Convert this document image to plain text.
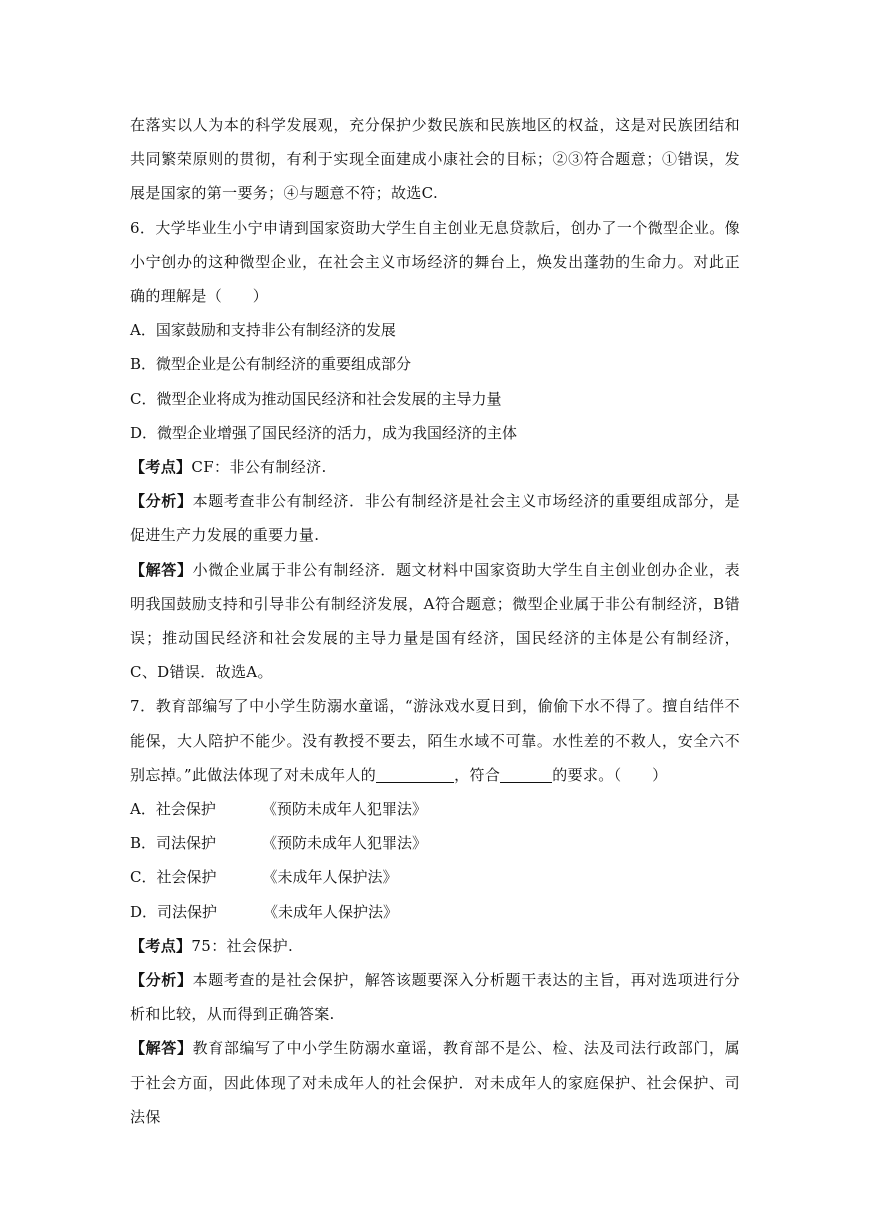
在落实以人为本的科学发展观，充分保护少数民族和民族地区的权益，这是对民族团结和共同繁荣原则的贯彻，有利于实现全面建成小康社会的目标；②③符合题意；①错误，发展是国家的第一要务；④与题意不符；故选C.

6．大学毕业生小宁申请到国家资助大学生自主创业无息贷款后，创办了一个微型企业。像小宁创办的这种微型企业，在社会主义市场经济的舞台上，焕发出蓬勃的生命力。对此正确的理解是（　　）

A．国家鼓励和支持非公有制经济的发展

B．微型企业是公有制经济的重要组成部分

C．微型企业将成为推动国民经济和社会发展的主导力量

D．微型企业增强了国民经济的活力，成为我国经济的主体

【考点】CF：非公有制经济.

【分析】本题考查非公有制经济．非公有制经济是社会主义市场经济的重要组成部分，是促进生产力发展的重要力量.

【解答】小微企业属于非公有制经济．题文材料中国家资助大学生自主创业创办企业，表明我国鼓励支持和引导非公有制经济发展，A符合题意；微型企业属于非公有制经济，B错误；推动国民经济和社会发展的主导力量是国有经济，国民经济的主体是公有制经济，C、D错误．故选A。

7．教育部编写了中小学生防溺水童谣，“游泳戏水夏日到，偷偷下水不得了。擅自结伴不能保，大人陪护不能少。没有教授不要去，陌生水域不可靠。水性差的不救人，安全六不别忘掉。”此做法体现了对未成年人的	，符合	的要求。（　　）

A．社会保护	《预防未成年人犯罪法》

B．司法保护	《预防未成年人犯罪法》

C．社会保护	《未成年人保护法》

D．司法保护	《未成年人保护法》

【考点】75：社会保护.

【分析】本题考查的是社会保护，解答该题要深入分析题干表达的主旨，再对选项进行分析和比较，从而得到正确答案.

【解答】教育部编写了中小学生防溺水童谣，教育部不是公、检、法及司法行政部门，属于社会方面，因此体现了对未成年人的社会保护．对未成年人的家庭保护、社会保护、司法保
